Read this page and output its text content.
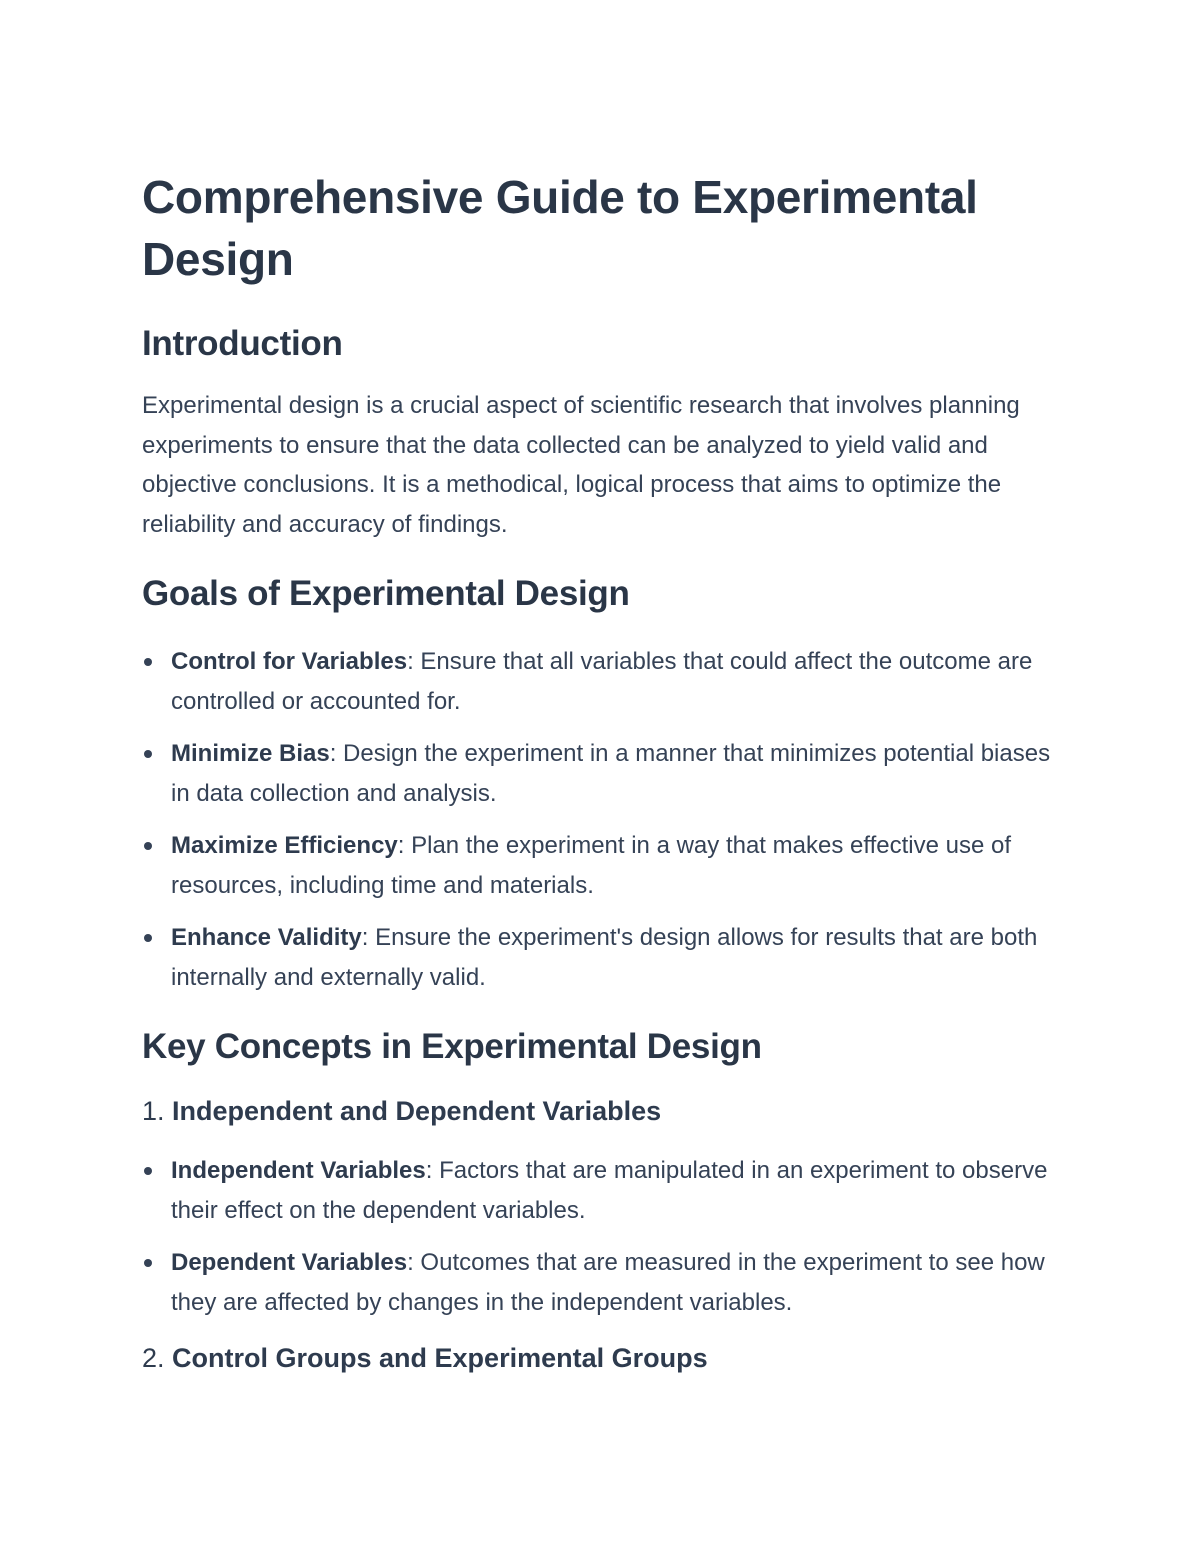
Comprehensive Guide to Experimental Design
Introduction

Experimental design is a crucial aspect of scientific research that involves planning experiments to ensure that the data collected can be analyzed to yield valid and objective conclusions. It is a methodical, logical process that aims to optimize the reliability and accuracy of findings.

Goals of Experimental Design
Control for Variables: Ensure that all variables that could affect the outcome are controlled or accounted for.
Minimize Bias: Design the experiment in a manner that minimizes potential biases in data collection and analysis.
Maximize Efficiency: Plan the experiment in a way that makes effective use of resources, including time and materials.
Enhance Validity: Ensure the experiment's design allows for results that are both internally and externally valid.
Key Concepts in Experimental Design
1. Independent and Dependent Variables
Independent Variables: Factors that are manipulated in an experiment to observe their effect on the dependent variables.
Dependent Variables: Outcomes that are measured in the experiment to see how they are affected by changes in the independent variables.
2. Control Groups and Experimental Groups
